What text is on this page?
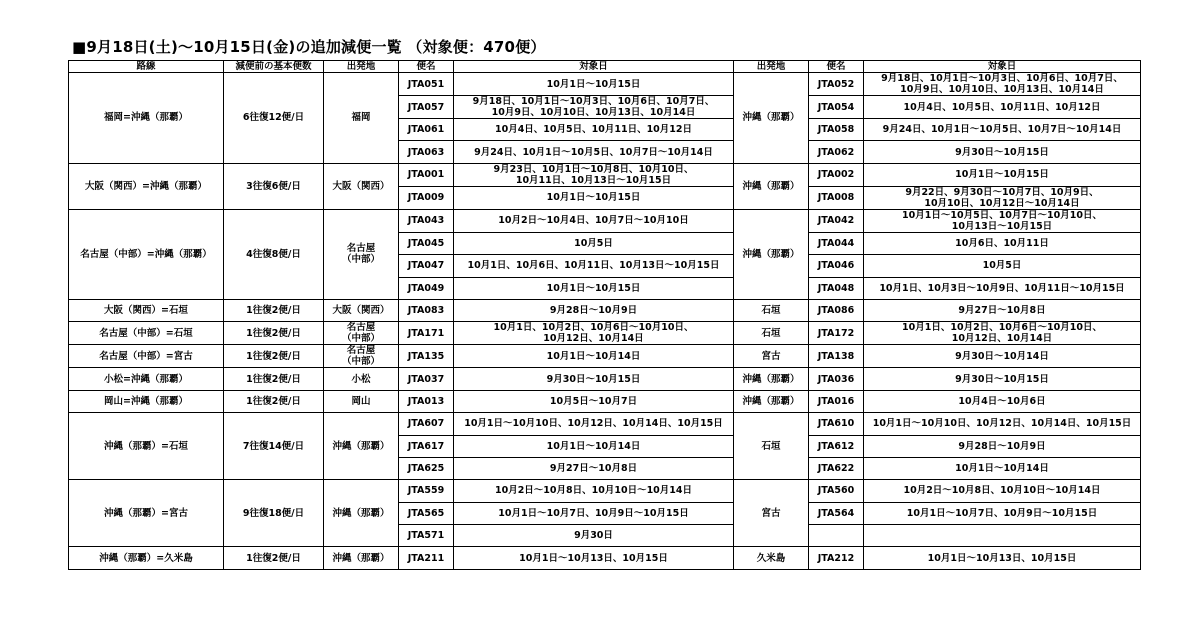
■9月18日(土)～10月15日(金)の追加減便一覧 （対象便：470便）
路線	減便前の基本便数	出発地	便名	対象日	出発地	便名	対象日
福岡=沖縄（那覇）	6往復12便/日	福岡	JTA051	10月1日～10月15日	沖縄（那覇）	JTA052	9月18日、10月1日～10月3日、10月6日、10月7日、
10月9日、10月10日、10月13日、10月14日
			JTA057	9月18日、10月1日～10月3日、10月6日、10月7日、
10月9日、10月10日、10月13日、10月14日		JTA054	10月4日、10月5日、10月11日、10月12日
			JTA061	10月4日、10月5日、10月11日、10月12日		JTA058	9月24日、10月1日～10月5日、10月7日～10月14日
			JTA063	9月24日、10月1日～10月5日、10月7日～10月14日		JTA062	9月30日～10月15日
大阪（関西）=沖縄（那覇）	3往復6便/日	大阪（関西）	JTA001	9月23日、10月1日～10月8日、10月10日、
10月11日、10月13日～10月15日	沖縄（那覇）	JTA002	10月1日～10月15日
			JTA009	10月1日～10月15日		JTA008	9月22日、9月30日～10月7日、10月9日、
10月10日、10月12日～10月14日
名古屋（中部）=沖縄（那覇）	4往復8便/日	名古屋
（中部）	JTA043	10月2日～10月4日、10月7日～10月10日	沖縄（那覇）	JTA042	10月1日～10月5日、10月7日～10月10日、
10月13日～10月15日
			JTA045	10月5日		JTA044	10月6日、10月11日
			JTA047	10月1日、10月6日、10月11日、10月13日～10月15日		JTA046	10月5日
			JTA049	10月1日～10月15日		JTA048	10月1日、10月3日～10月9日、10月11日～10月15日
大阪（関西）=石垣	1往復2便/日	大阪（関西）	JTA083	9月28日～10月9日	石垣	JTA086	9月27日～10月8日
名古屋（中部）=石垣	1往復2便/日	名古屋
（中部）	JTA171	10月1日、10月2日、10月6日～10月10日、
10月12日、10月14日	石垣	JTA172	10月1日、10月2日、10月6日～10月10日、
10月12日、10月14日
名古屋（中部）=宮古	1往復2便/日	名古屋
（中部）	JTA135	10月1日～10月14日	宮古	JTA138	9月30日～10月14日
小松=沖縄（那覇）	1往復2便/日	小松	JTA037	9月30日～10月15日	沖縄（那覇）	JTA036	9月30日～10月15日
岡山=沖縄（那覇）	1往復2便/日	岡山	JTA013	10月5日～10月7日	沖縄（那覇）	JTA016	10月4日～10月6日
沖縄（那覇）=石垣	7往復14便/日	沖縄（那覇）	JTA607	10月1日～10月10日、10月12日、10月14日、10月15日	石垣	JTA610	10月1日～10月10日、10月12日、10月14日、10月15日
			JTA617	10月1日～10月14日		JTA612	9月28日～10月9日
			JTA625	9月27日～10月8日		JTA622	10月1日～10月14日
沖縄（那覇）=宮古	9往復18便/日	沖縄（那覇）	JTA559	10月2日～10月8日、10月10日～10月14日	宮古	JTA560	10月2日～10月8日、10月10日～10月14日
			JTA565	10月1日～10月7日、10月9日～10月15日		JTA564	10月1日～10月7日、10月9日～10月15日
			JTA571	9月30日			
沖縄（那覇）=久米島	1往復2便/日	沖縄（那覇）	JTA211	10月1日～10月13日、10月15日	久米島	JTA212	10月1日～10月13日、10月15日
